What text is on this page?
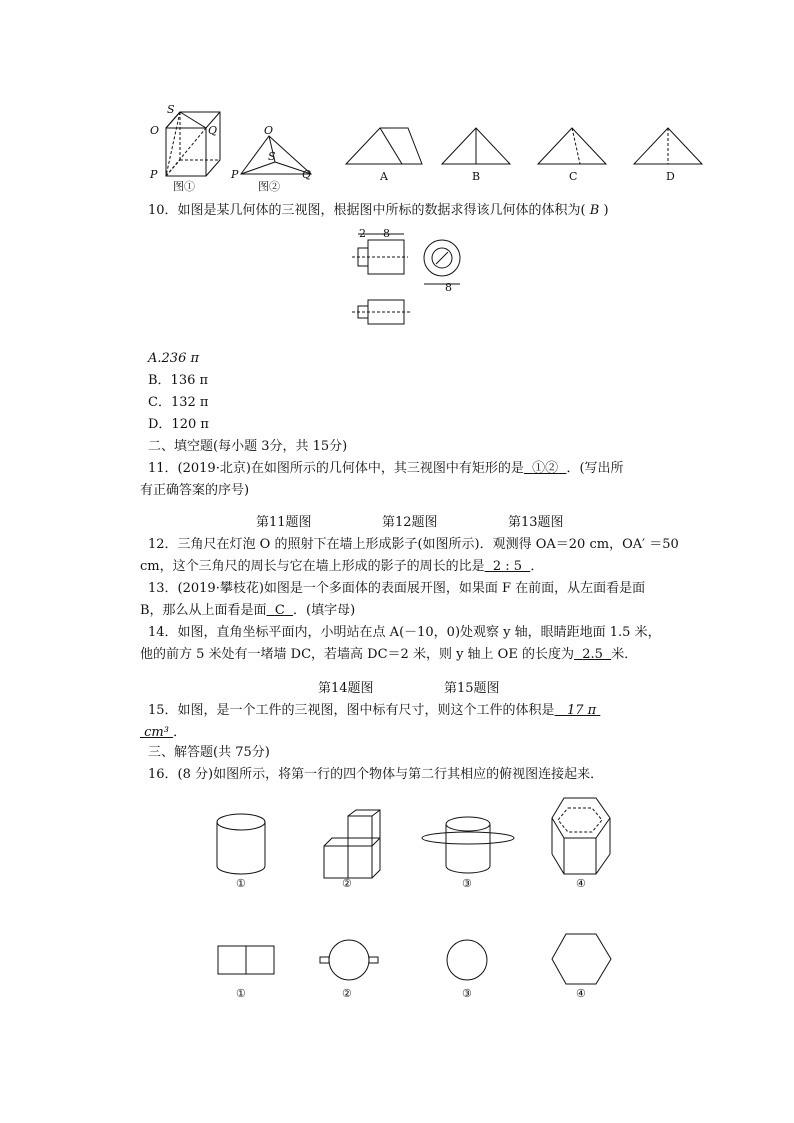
S
O	Q
P
图①
O
S
P	Q
图②
A	B	C	D
10．如图是某几何体的三视图，根据图中所标的数据求得该几何体的体积为( B )
2 8
8
A.236 π
B．136 π
C．132 π
D．120 π
二、填空题(每小题 3分，共 15分)
11．(2019·北京)在如图所示的几何体中，其三视图中有矩形的是 ①② ．(写出所
有正确答案的序号)
第11题图	第12题图	第13题图
12．三角尺在灯泡 O 的照射下在墙上形成影子(如图所示)．观测得 OA＝20 cm，OA′ ＝50
cm，这个三角尺的周长与它在墙上形成的影子的周长的比是 2 : 5 ．
13．(2019·攀枝花)如图是一个多面体的表面展开图，如果面 F 在前面，从左面看是面
B，那么从上面看是面 C ．(填字母)
14．如图，直角坐标平面内，小明站在点 A(－10，0)处观察 y 轴，眼睛距地面 1.5 米，
他的前方 5 米处有一堵墙 DC，若墙高 DC＝2 米，则 y 轴上 OE 的长度为 2.5 米．
第14题图	第15题图
15．如图，是一个工件的三视图，图中标有尺寸，则这个工件的体积是 17 π
cm³ ．
三、解答题(共 75分)
16．(8 分)如图所示，将第一行的四个物体与第二行其相应的俯视图连接起来．
①	②	③	④
①	②	③	④
